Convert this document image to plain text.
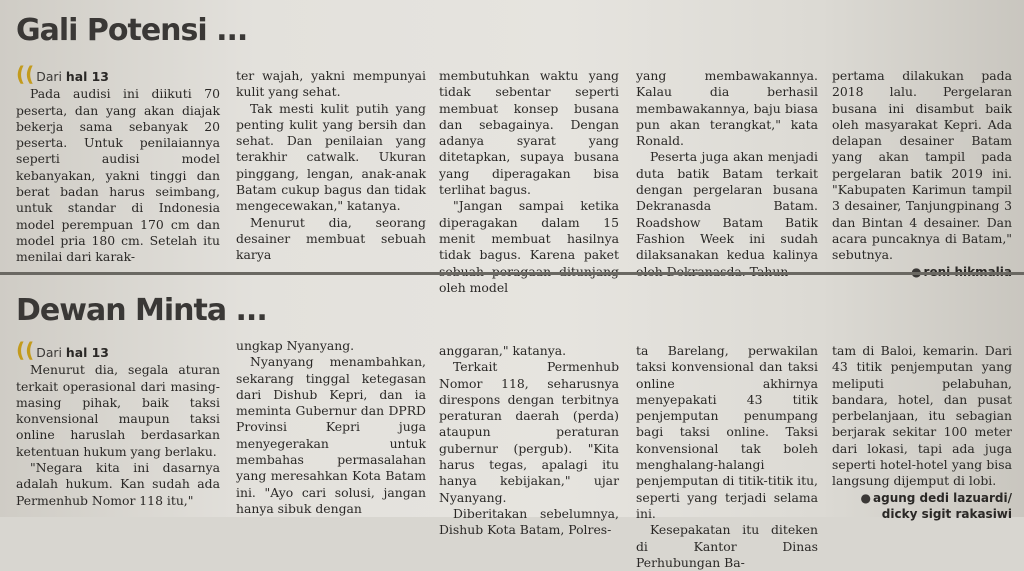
Gali Potensi ...
(( Dari hal 13

Pada audisi ini diikuti 70 peserta, dan yang akan diajak bekerja sama sebanyak 20 peserta. Untuk penilaiannya seperti audisi model kebanyakan, yakni tinggi dan berat badan harus seimbang, untuk standar di Indonesia model perempuan 170 cm dan model pria 180 cm. Setelah itu menilai dari karak-

ter wajah, yakni mempunyai kulit yang sehat.

Tak mesti kulit putih yang penting kulit yang bersih dan sehat. Dan penilaian yang terakhir catwalk. Ukuran pinggang, lengan, anak-anak Batam cukup bagus dan tidak mengecewakan," katanya.

Menurut dia, seorang desainer membuat sebuah karya

membutuhkan waktu yang tidak sebentar seperti membuat konsep busana dan sebagainya. Dengan adanya syarat yang ditetapkan, supaya busana yang diperagakan bisa terlihat bagus.

"Jangan sampai ketika diperagakan dalam 15 menit membuat hasilnya tidak bagus. Karena paket oleh model

yang membawakannya. Kalau dia berhasil membawakannya, baju biasa pun akan terangkat," kata Ronald.

Peserta juga akan menjadi duta batik Batam terkait dengan pergelaran busana Dekranasda Batam. Roadshow Batam Batik Fashion Week ini sudah dilaksanakan kedua kalinya

pertama dilakukan pada 2018 lalu. Pergelaran busana ini disambut baik oleh masyarakat Kepri. Ada delapan desainer Batam yang akan tampil pada pergelaran batik 2019 ini. "Kabupaten Karimun tampil 3 desainer, Tanjungpinang 3 dan Bintan 4 desainer. Dan acara puncaknya di Batam," sebutnya.

Dewan Minta ...
(( Dari hal 13

Menurut dia, segala aturan terkait operasional dari masing-masing pihak, baik taksi konvensional maupun taksi online haruslah berdasarkan ketentuan hukum yang berlaku.

"Negara kita ini dasarnya adalah hukum. Kan sudah ada Permenhub Nomor 118 itu,"

ungkap Nyanyang.

Nyanyang menambahkan, sekarang tinggal ketegasan dari Dishub Kepri, dan ia meminta Gubernur dan DPRD Provinsi Kepri juga menyegerakan untuk membahas permasalahan yang meresahkan Kota Batam ini. "Ayo cari solusi, jangan hanya sibuk dengan

anggaran," katanya.

Terkait Permenhub Nomor 118, seharusnya direspons dengan terbitnya peraturan daerah (perda) ataupun peraturan gubernur (pergub). "Kita harus tegas, apalagi itu hanya kebijakan," ujar Nyanyang.

Diberitakan sebelumnya, Dishub Kota Batam, Polres-

ta Barelang, perwakilan taksi konvensional dan taksi online akhirnya menyepakati 43 titik penjemputan penumpang bagi taksi online. Taksi konvensional tak boleh menghalang-halangi penjemputan di titik-titik itu, seperti yang terjadi selama ini.

Kesepakatan itu diteken di Kantor Dinas Perhubungan Ba-

tam di Baloi, kemarin. Dari 43 titik penjemputan yang meliputi pelabuhan, bandara, hotel, dan pusat perbelanjaan, itu sebagian berjarak sekitar 100 meter dari lokasi, tapi ada juga seperti hotel-hotel yang bisa langsung dijemput di lobi.

● agung dedi lazuardi/
dicky sigit rakasiwi
